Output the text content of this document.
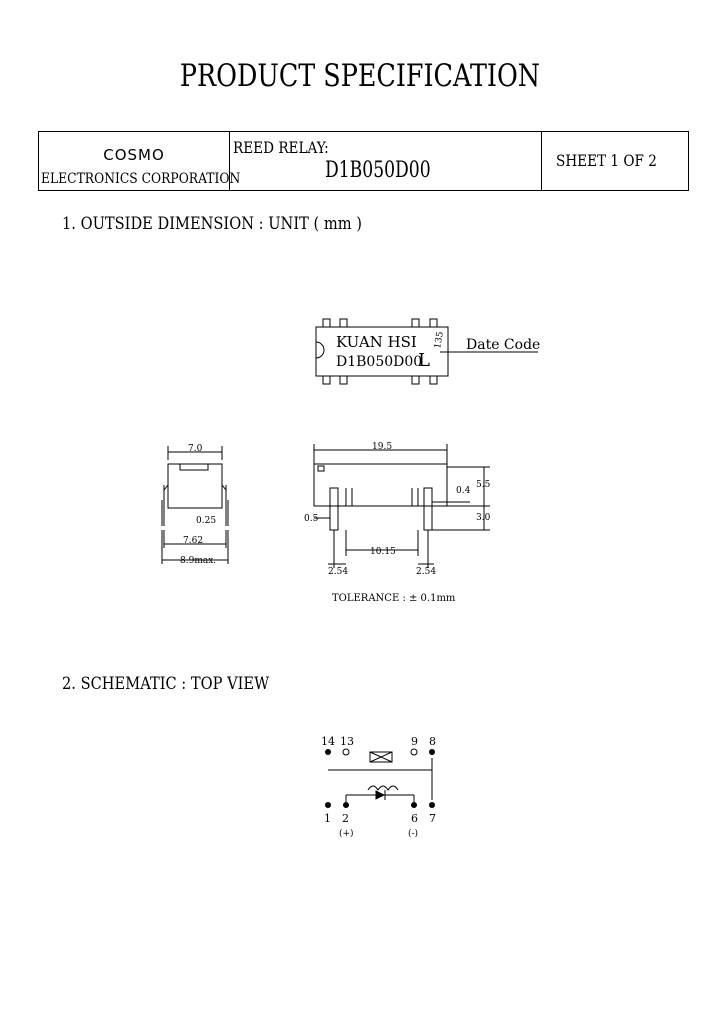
PRODUCT SPECIFICATION
cosmo
ELECTRONICS CORPORATION
REED RELAY:
D1B050D00	SHEET 1 OF 2
1. OUTSIDE DIMENSION : UNIT ( mm )
KUAN HSI
D1B050D00
Date Code
L
135
7.0
0.25
7.62
8.9max.
19.5
0.4
5.5
3.0
0.5
10.15
2.54	2.54
TOLERANCE : ± 0.1mm
14 13	9 8
1 2	6 7
(+)	(-)
2. SCHEMATIC : TOP VIEW
